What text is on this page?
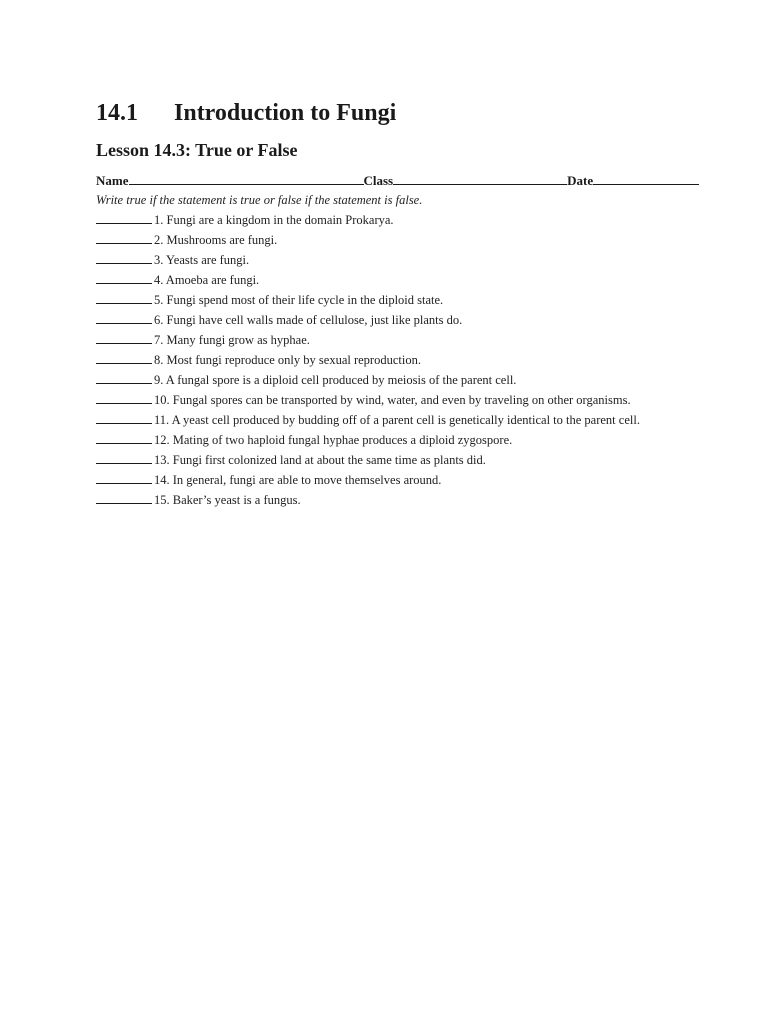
14.1 Introduction to Fungi
Lesson 14.3: True or False
Name	Class	Date
Write true if the statement is true or false if the statement is false.
1. Fungi are a kingdom in the domain Prokarya.
2. Mushrooms are fungi.
3. Yeasts are fungi.
4. Amoeba are fungi.
5. Fungi spend most of their life cycle in the diploid state.
6. Fungi have cell walls made of cellulose, just like plants do.
7. Many fungi grow as hyphae.
8. Most fungi reproduce only by sexual reproduction.
9. A fungal spore is a diploid cell produced by meiosis of the parent cell.
10. Fungal spores can be transported by wind, water, and even by traveling on other organisms.
11. A yeast cell produced by budding off of a parent cell is genetically identical to the parent cell.
12. Mating of two haploid fungal hyphae produces a diploid zygospore.
13. Fungi first colonized land at about the same time as plants did.
14. In general, fungi are able to move themselves around.
15. Baker’s yeast is a fungus.
